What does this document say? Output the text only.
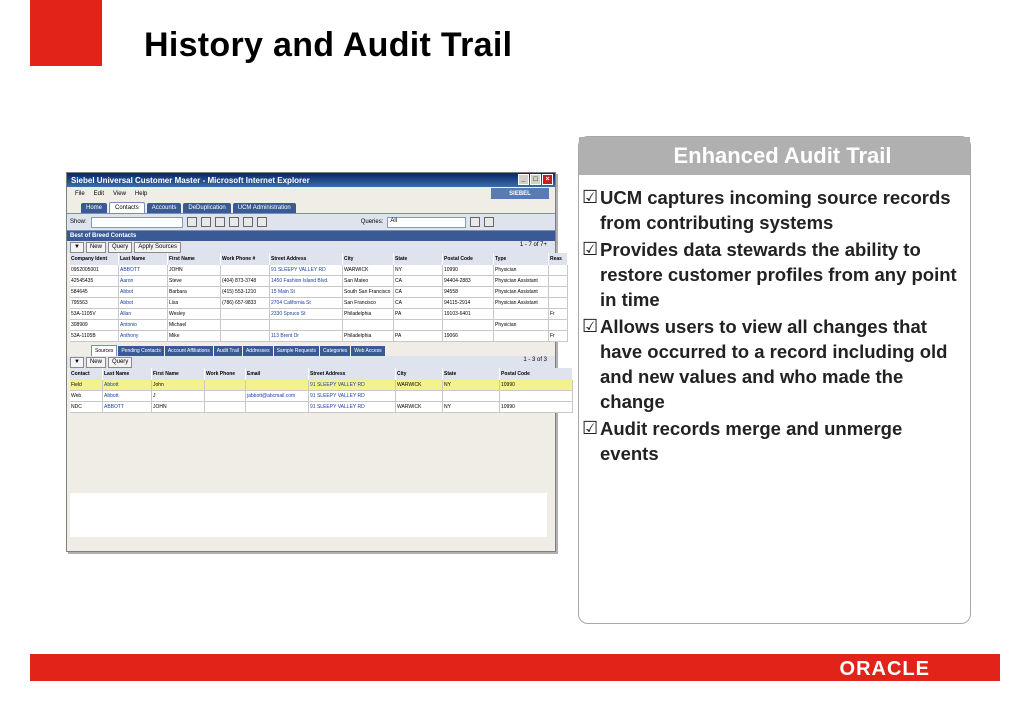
History and Audit Trail
Siebel Universal Customer Master - Microsoft Internet Explorer	_	□	×
File Edit View Help	SIEBEL
Home	Contacts	Accounts	DeDuplication	UCM Administration
Show:	Queries:	All
Best of Breed Contacts
▼	New	Query	Apply Sources	1 - 7 of 7+
Company Ident	Last Name	First Name	Work Phone #	Street Address	City	State	Postal Code	Type	Reas
0952005001	ABBOTT	JOHN		91 SLEEPY VALLEY RD	WARWICK	NY	10990	Physician	
42545435	Aaron	Steve	(404) 873-3748	1450 Fashion Island Blvd.	San Mateo	CA	94404-2883	Physician Assistant	
584645	Abbot	Barbara	(415) 553-1210	15 Main St	South San Francisco	CA	94558	Physician Assistant	
795563	Abbot	Lisa	(786) 657-9833	2704 California St	San Francisco	CA	94115-2914	Physician Assistant	
53A-1105V	Allan	Wesley		2330 Spruce St	Philadelphia	PA	19103-6401		Fr
308909	Antonio	Michael						Physician	
53A-1105B	Anthony	Mike		113 Brent Dr	Philadelphia	PA	19066		Fr
Sources	Pending Contacts	Account Affiliations	Audit Trail	Addresses	Sample Requests	Categories	Web Access
▼	New	Query	1 - 3 of 3
Contact	Last Name	First Name	Work Phone	Email	Street Address	City	State	Postal Code
Field	Abbott	John			91 SLEEPY VALLEY RD	WARWICK	NY	10990
Web	Abbott	J		jabbott@abcmail.com	91 SLEEPY VALLEY RD			
NDC	ABBOTT	JOHN			91 SLEEPY VALLEY RD	WARWICK	NY	10990
Enhanced Audit Trail
☑ UCM captures incoming source records from contributing systems
☑ Provides data stewards the ability to restore customer profiles from any point in time
☑ Allows users to view all changes that have occurred to a record including old and new values and who made the change
☑ Audit records merge and unmerge events
ORACLE
